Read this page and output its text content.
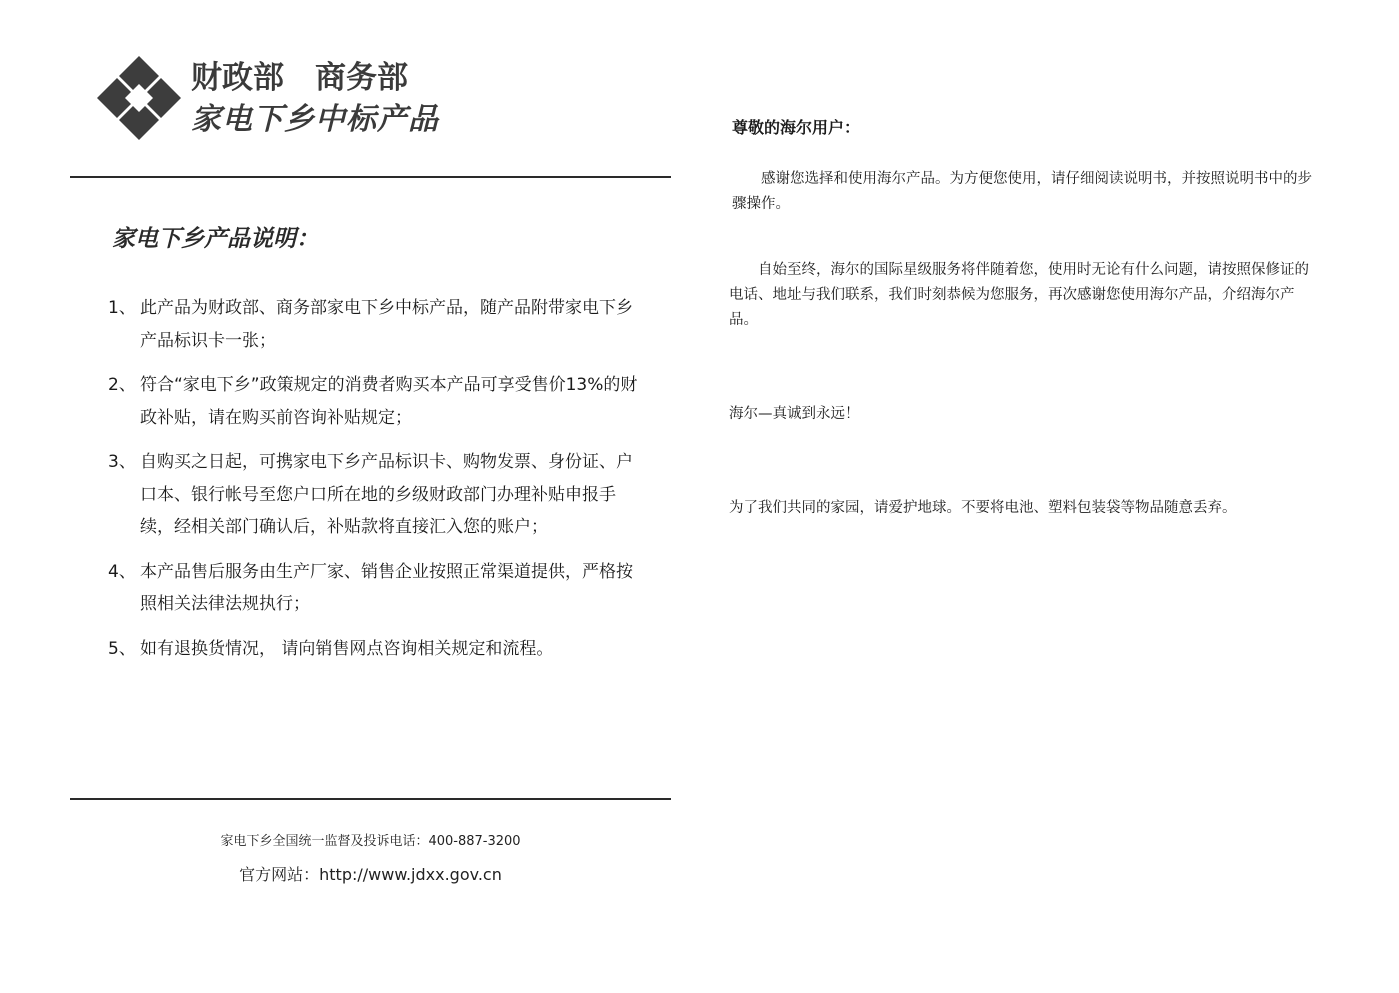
财政部　商务部
家电下乡中标产品
家电下乡产品说明：
1、 此产品为财政部、商务部家电下乡中标产品，随产品附带家电下乡产品标识卡一张；
2、 符合“家电下乡”政策规定的消费者购买本产品可享受售价13%的财政补贴，请在购买前咨询补贴规定；
3、 自购买之日起，可携家电下乡产品标识卡、购物发票、身份证、户口本、银行帐号至您户口所在地的乡级财政部门办理补贴申报手续，经相关部门确认后，补贴款将直接汇入您的账户；
4、 本产品售后服务由生产厂家、销售企业按照正常渠道提供，严格按照相关法律法规执行；
5、 如有退换货情况， 请向销售网点咨询相关规定和流程。
家电下乡全国统一监督及投诉电话：400-887-3200
官方网站：http://www.jdxx.gov.cn
尊敬的海尔用户：

感谢您选择和使用海尔产品。为方便您使用，请仔细阅读说明书，并按照说明书中的步骤操作。

自始至终，海尔的国际星级服务将伴随着您，使用时无论有什么问题，请按照保修证的电话、地址与我们联系，我们时刻恭候为您服务，再次感谢您使用海尔产品，介绍海尔产品。

海尔—真诚到永远！
为了我们共同的家园，请爱护地球。不要将电池、塑料包装袋等物品随意丢弃。
